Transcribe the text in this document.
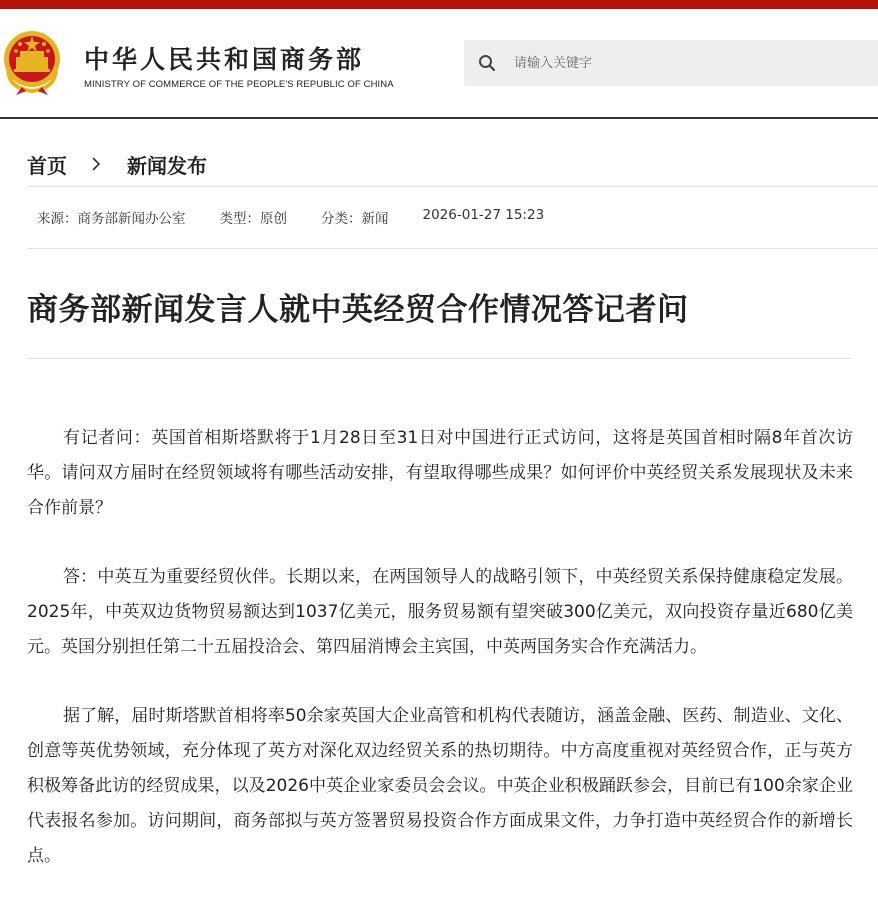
中华人民共和国商务部
MINISTRY OF COMMERCE OF THE PEOPLE'S REPUBLIC OF CHINA
请输入关键字
首页	新闻发布
来源：商务部新闻办公室	类型：原创	分类：新闻	2026-01-27 15:23
商务部新闻发言人就中英经贸合作情况答记者问

有记者问：英国首相斯塔默将于1月28日至31日对中国进行正式访问，这将是英国首相时隔8年首次访华。请问双方届时在经贸领域将有哪些活动安排，有望取得哪些成果？如何评价中英经贸关系发展现状及未来合作前景？

答：中英互为重要经贸伙伴。长期以来，在两国领导人的战略引领下，中英经贸关系保持健康稳定发展。2025年，中英双边货物贸易额达到1037亿美元，服务贸易额有望突破300亿美元，双向投资存量近680亿美元。英国分别担任第二十五届投洽会、第四届消博会主宾国，中英两国务实合作充满活力。

据了解，届时斯塔默首相将率50余家英国大企业高管和机构代表随访，涵盖金融、医药、制造业、文化、创意等英优势领域，充分体现了英方对深化双边经贸关系的热切期待。中方高度重视对英经贸合作，正与英方积极筹备此访的经贸成果，以及2026中英企业家委员会会议。中英企业积极踊跃参会，目前已有100余家企业代表报名参加。访问期间，商务部拟与英方签署贸易投资合作方面成果文件，力争打造中英经贸合作的新增长点。
